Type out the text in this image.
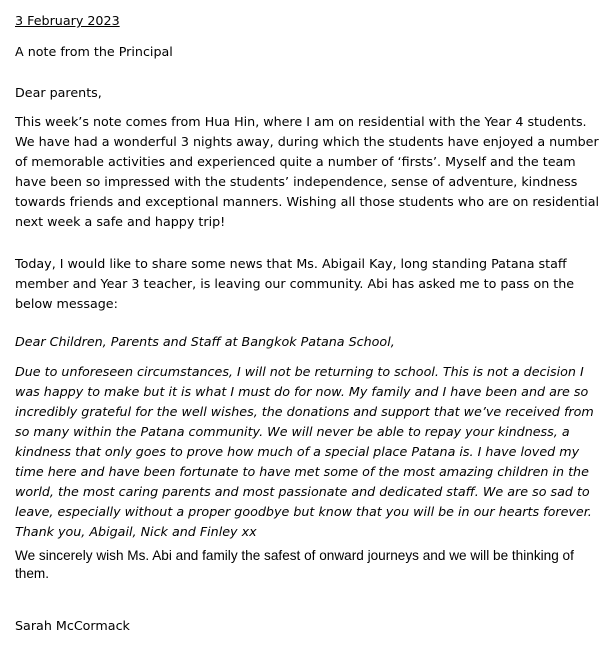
3 February 2023

A note from the Principal

Dear parents,

This week’s note comes from Hua Hin, where I am on residential with the Year 4 students. We have had a wonderful 3 nights away, during which the students have enjoyed a number of memorable activities and experienced quite a number of ‘firsts’. Myself and the team have been so impressed with the students’ independence, sense of adventure, kindness towards friends and exceptional manners. Wishing all those students who are on residential next week a safe and happy trip!

Today, I would like to share some news that Ms. Abigail Kay, long standing Patana staff member and Year 3 teacher, is leaving our community. Abi has asked me to pass on the below message:

Dear Children, Parents and Staff at Bangkok Patana School,

Due to unforeseen circumstances, I will not be returning to school. This is not a decision I was happy to make but it is what I must do for now. My family and I have been and are so incredibly grateful for the well wishes, the donations and support that we’ve received from so many within the Patana community. We will never be able to repay your kindness, a kindness that only goes to prove how much of a special place Patana is. I have loved my time here and have been fortunate to have met some of the most amazing children in the world, the most caring parents and most passionate and dedicated staff. We are so sad to leave, especially without a proper goodbye but know that you will be in our hearts forever. Thank you, Abigail, Nick and Finley xx

We sincerely wish Ms. Abi and family the safest of onward journeys and we will be thinking of them.

Sarah McCormack
